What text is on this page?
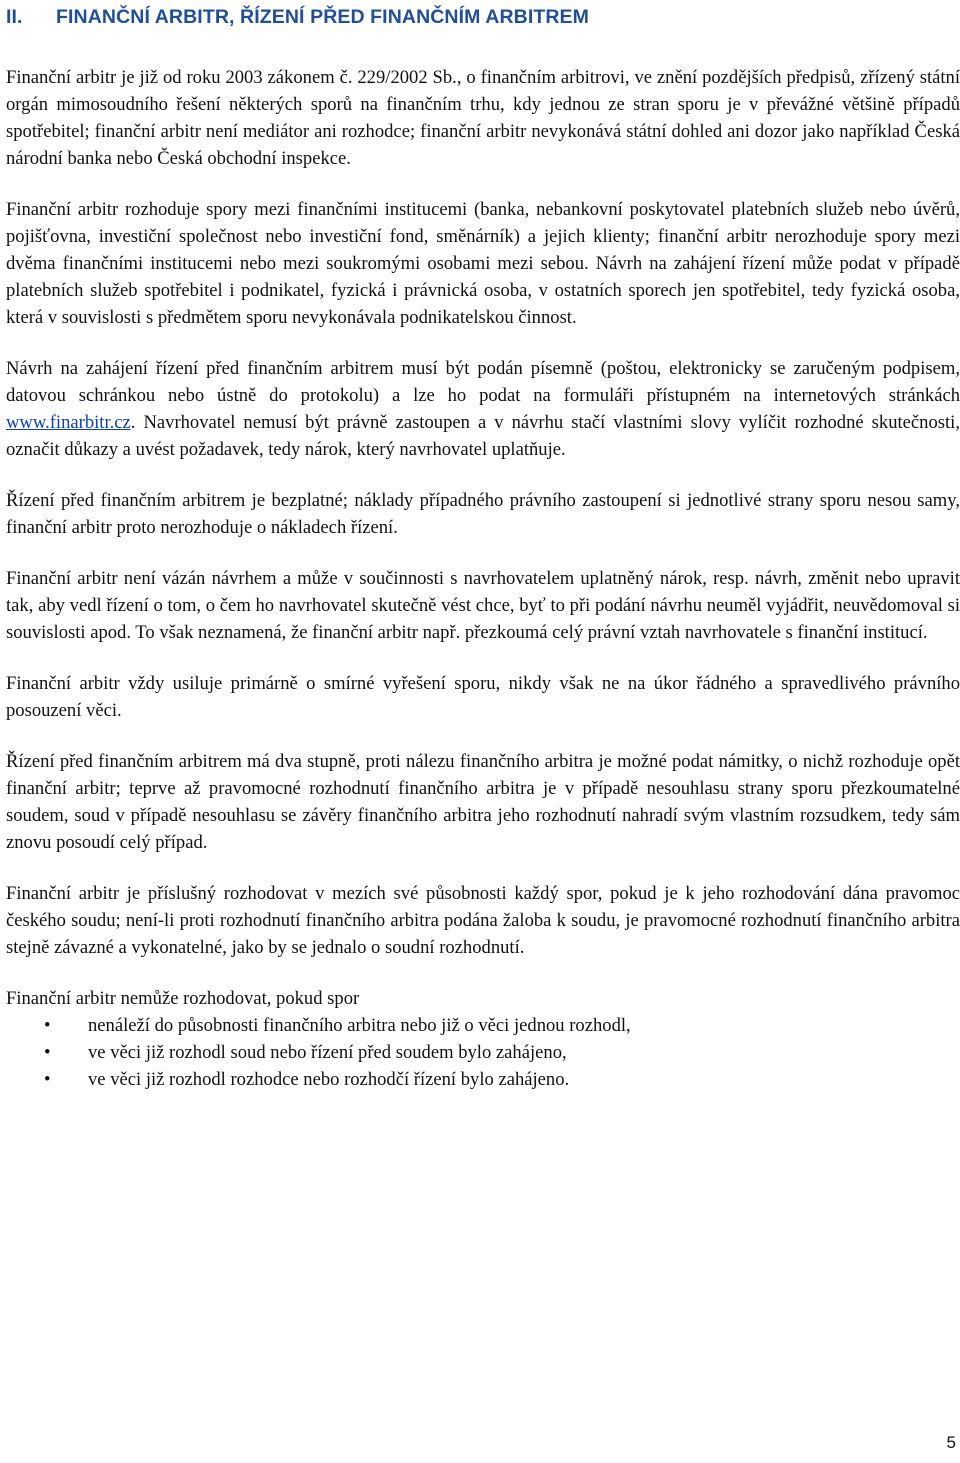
II. FINANČNÍ ARBITR, ŘÍZENÍ PŘED FINANČNÍM ARBITREM

Finanční arbitr je již od roku 2003 zákonem č. 229/2002 Sb., o finančním arbitrovi, ve znění pozdějších předpisů, zřízený státní orgán mimosoudního řešení některých sporů na finančním trhu, kdy jednou ze stran sporu je v převážné většině případů spotřebitel; finanční arbitr není mediátor ani rozhodce; finanční arbitr nevykonává státní dohled ani dozor jako například Česká národní banka nebo Česká obchodní inspekce.

Finanční arbitr rozhoduje spory mezi finančními institucemi (banka, nebankovní poskytovatel platebních služeb nebo úvěrů, pojišťovna, investiční společnost nebo investiční fond, směnárník) a jejich klienty; finanční arbitr nerozhoduje spory mezi dvěma finančními institucemi nebo mezi soukromými osobami mezi sebou. Návrh na zahájení řízení může podat v případě platebních služeb spotřebitel i podnikatel, fyzická i právnická osoba, v ostatních sporech jen spotřebitel, tedy fyzická osoba, která v souvislosti s předmětem sporu nevykonávala podnikatelskou činnost.

Návrh na zahájení řízení před finančním arbitrem musí být podán písemně (poštou, elektronicky se zaručeným podpisem, datovou schránkou nebo ústně do protokolu) a lze ho podat na formuláři přístupném na internetových stránkách www.finarbitr.cz. Navrhovatel nemusí být právně zastoupen a v návrhu stačí vlastními slovy vylíčit rozhodné skutečnosti, označit důkazy a uvést požadavek, tedy nárok, který navrhovatel uplatňuje.

Řízení před finančním arbitrem je bezplatné; náklady případného právního zastoupení si jednotlivé strany sporu nesou samy, finanční arbitr proto nerozhoduje o nákladech řízení.

Finanční arbitr není vázán návrhem a může v součinnosti s navrhovatelem uplatněný nárok, resp. návrh, změnit nebo upravit tak, aby vedl řízení o tom, o čem ho navrhovatel skutečně vést chce, byť to při podání návrhu neuměl vyjádřit, neuvědomoval si souvislosti apod. To však neznamená, že finanční arbitr např. přezkoumá celý právní vztah navrhovatele s finanční institucí.

Finanční arbitr vždy usiluje primárně o smírné vyřešení sporu, nikdy však ne na úkor řádného a spravedlivého právního posouzení věci.

Řízení před finančním arbitrem má dva stupně, proti nálezu finančního arbitra je možné podat námitky, o nichž rozhoduje opět finanční arbitr; teprve až pravomocné rozhodnutí finančního arbitra je v případě nesouhlasu strany sporu přezkoumatelné soudem, soud v případě nesouhlasu se závěry finančního arbitra jeho rozhodnutí nahradí svým vlastním rozsudkem, tedy sám znovu posoudí celý případ.

Finanční arbitr je příslušný rozhodovat v mezích své působnosti každý spor, pokud je k jeho rozhodování dána pravomoc českého soudu; není-li proti rozhodnutí finančního arbitra podána žaloba k soudu, je pravomocné rozhodnutí finančního arbitra stejně závazné a vykonatelné, jako by se jednalo o soudní rozhodnutí.

Finanční arbitr nemůže rozhodovat, pokud spor

• nenáleží do působnosti finančního arbitra nebo již o věci jednou rozhodl,
• ve věci již rozhodl soud nebo řízení před soudem bylo zahájeno,
• ve věci již rozhodl rozhodce nebo rozhodčí řízení bylo zahájeno.
5
